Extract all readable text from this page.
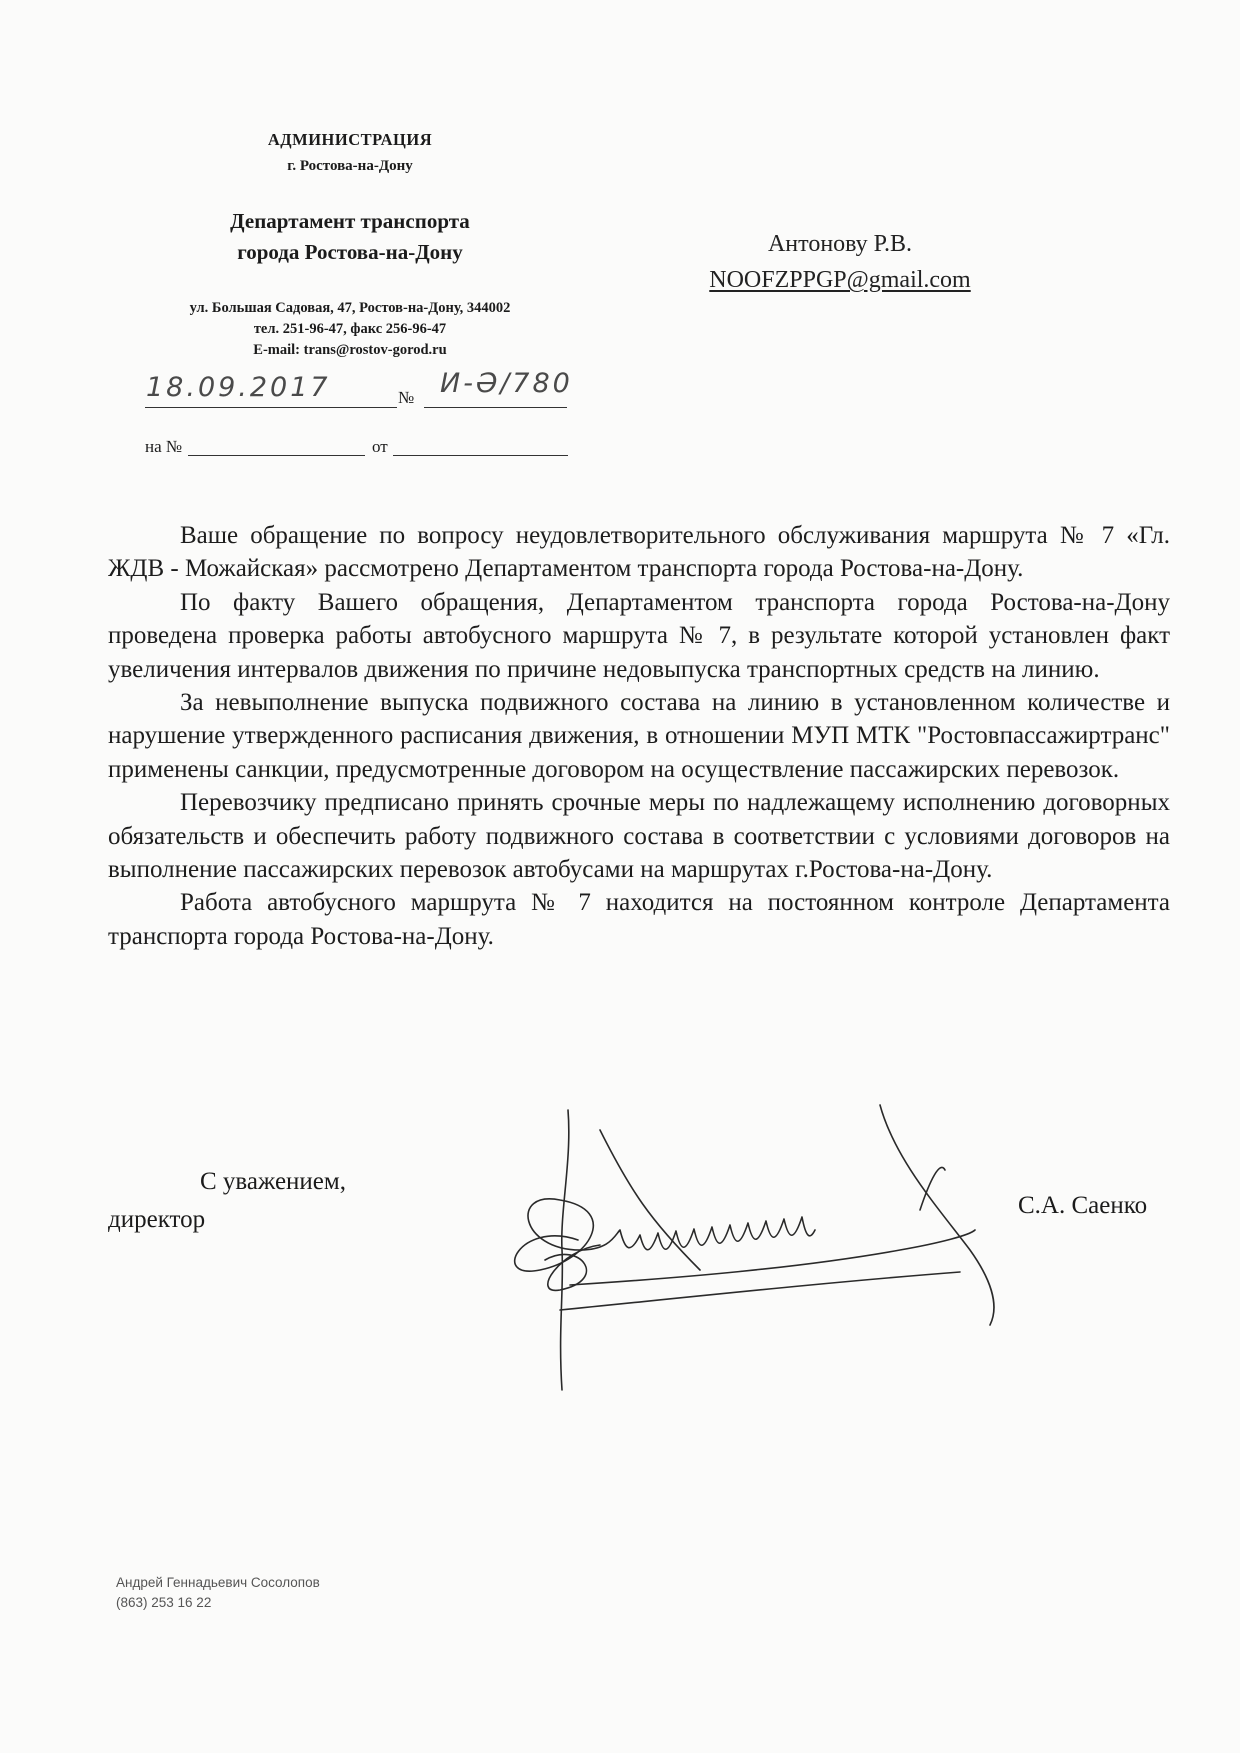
АДМИНИСТРАЦИЯ
г. Ростова-на-Дону
Департамент транспорта
города Ростова-на-Дону
ул. Большая Садовая, 47, Ростов-на-Дону, 344002
тел. 251-96-47, факс 256-96-47
E-mail: trans@rostov-gorod.ru
18.09.2017	№ И-Ә/780
на №	от
Антонову Р.В.
NOOFZPPGP@gmail.com

Ваше обращение по вопросу неудовлетворительного обслуживания маршрута № 7 «Гл. ЖДВ - Можайская» рассмотрено Департаментом транспорта города Ростова-на-Дону.

По факту Вашего обращения, Департаментом транспорта города Ростова-на-Дону проведена проверка работы автобусного маршрута № 7, в результате которой установлен факт увеличения интервалов движения по причине недовыпуска транспортных средств на линию.

За невыполнение выпуска подвижного состава на линию в установленном количестве и нарушение утвержденного расписания движения, в отношении МУП МТК "Ростовпассажиртранс" применены санкции, предусмотренные договором на осуществление пассажирских перевозок.

Перевозчику предписано принять срочные меры по надлежащему исполнению договорных обязательств и обеспечить работу подвижного состава в соответствии с условиями договоров на выполнение пассажирских перевозок автобусами на маршрутах г.Ростова-на-Дону.

Работа автобусного маршрута № 7 находится на постоянном контроле Департамента транспорта города Ростова-на-Дону.

С уважением,
директор
С.А. Саенко
Андрей Геннадьевич Сосолопов
(863) 253 16 22
